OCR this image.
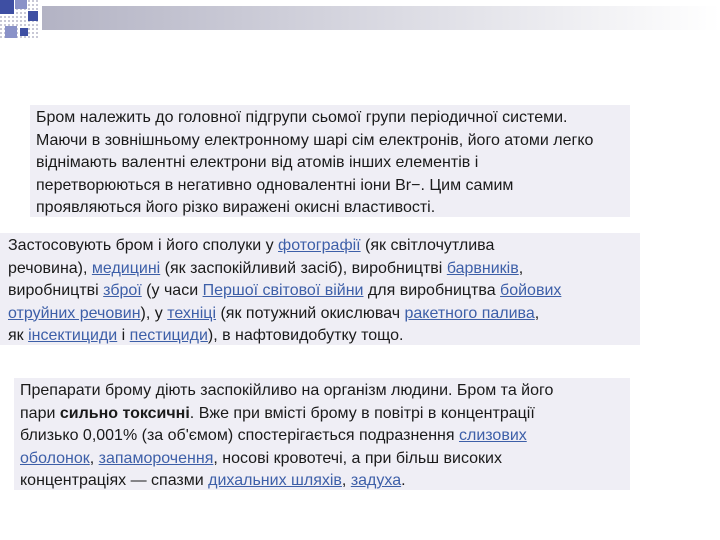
Бром належить до головної підгрупи сьомої групи періодичної системи.
Маючи в зовнішньому електронному шарі сім електронів, його атоми легко
віднімають валентні електрони від атомів інших елементів і
перетворюються в негативно одновалентні іони Br−. Цим самим
проявляються його різко виражені окисні властивості.
Застосовують бром і його сполуки у фотографії (як світлочутлива
речовина), медицині (як заспокійливий засіб), виробництві барвників,
виробництві зброї (у часи Першої світової війни для виробництва бойових
отруйних речовин), у техніці (як потужний окислювач ракетного палива,
як інсектициди і пестициди), в нафтовидобутку тощо.
Препарати брому діють заспокійливо на організм людини. Бром та його
пари сильно токсичні. Вже при вмісті брому в повітрі в концентрації
близько 0,001% (за об'ємом) спостерігається подразнення слизових
оболонок, запаморочення, носові кровотечі, а при більш високих
концентраціях — спазми дихальних шляхів, задуха.
